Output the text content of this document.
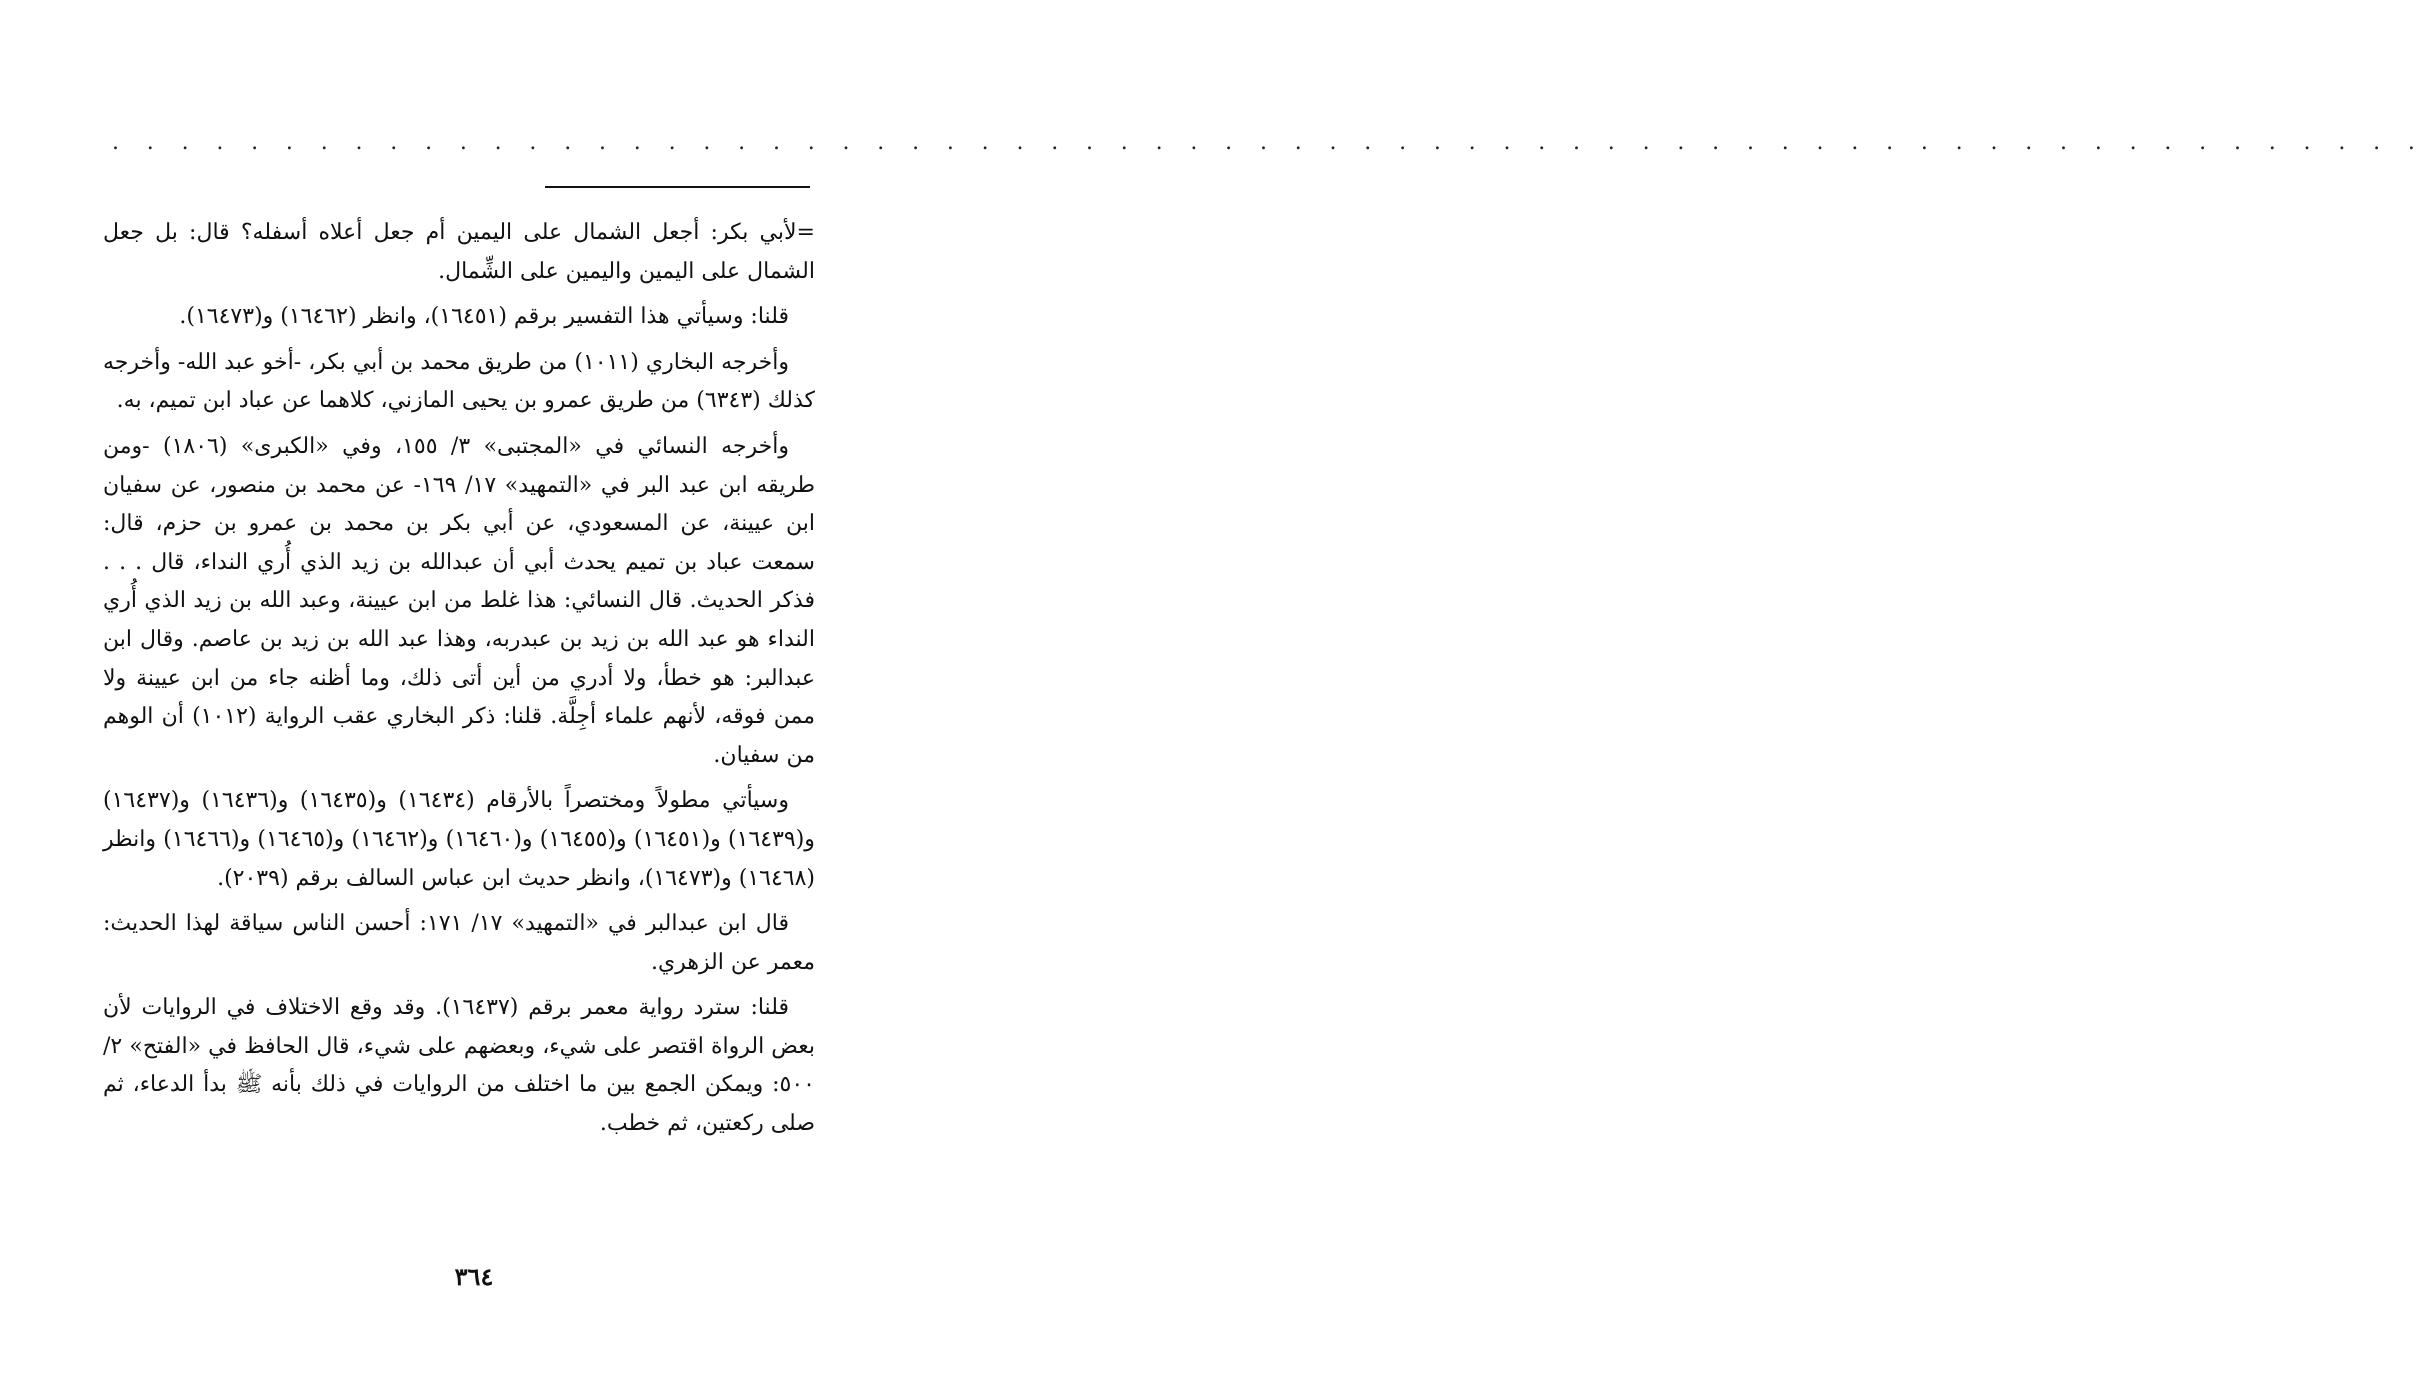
. . . . . . . . . . . . . . . . . . . . . . . . . . . . . . . . . . . . . . . . . . . . . . . . . . . . . . . . . . . . . . . . . . .

=لأبي بكر: أجعل الشمال على اليمين أم جعل أعلاه أسفله؟ قال: بل جعل الشمال على اليمين واليمين على الشِّمال.

قلنا: وسيأتي هذا التفسير برقم (١٦٤٥١)، وانظر (١٦٤٦٢) و(١٦٤٧٣).

وأخرجه البخاري (١٠١١) من طريق محمد بن أبي بكر، -أخو عبد الله- وأخرجه كذلك (٦٣٤٣) من طريق عمرو بن يحيى المازني، كلاهما عن عباد ابن تميم، به.

وأخرجه النسائي في «المجتبى» ٣/ ١٥٥، وفي «الكبرى» (١٨٠٦) -ومن طريقه ابن عبد البر في «التمهيد» ١٧/ ١٦٩- عن محمد بن منصور، عن سفيان ابن عيينة، عن المسعودي، عن أبي بكر بن محمد بن عمرو بن حزم، قال: سمعت عباد بن تميم يحدث أبي أن عبدالله بن زيد الذي أُري النداء، قال . . . فذكر الحديث. قال النسائي: هذا غلط من ابن عيينة، وعبد الله بن زيد الذي أُري النداء هو عبد الله بن زيد بن عبدربه، وهذا عبد الله بن زيد بن عاصم. وقال ابن عبدالبر: هو خطأ، ولا أدري من أين أتى ذلك، وما أظنه جاء من ابن عيينة ولا ممن فوقه، لأنهم علماء أجِلَّة. قلنا: ذكر البخاري عقب الرواية (١٠١٢) أن الوهم من سفيان.

وسيأتي مطولاً ومختصراً بالأرقام (١٦٤٣٤) و(١٦٤٣٥) و(١٦٤٣٦) و(١٦٤٣٧) و(١٦٤٣٩) و(١٦٤٥١) و(١٦٤٥٥) و(١٦٤٦٠) و(١٦٤٦٢) و(١٦٤٦٥) و(١٦٤٦٦) وانظر (١٦٤٦٨) و(١٦٤٧٣)، وانظر حديث ابن عباس السالف برقم (٢٠٣٩).

قال ابن عبدالبر في «التمهيد» ١٧/ ١٧١: أحسن الناس سياقة لهذا الحديث: معمر عن الزهري.

قلنا: سترد رواية معمر برقم (١٦٤٣٧). وقد وقع الاختلاف في الروايات لأن بعض الرواة اقتصر على شيء، وبعضهم على شيء، قال الحافظ في «الفتح» ٢/ ٥٠٠: ويمكن الجمع بين ما اختلف من الروايات في ذلك بأنه ﷺ بدأ الدعاء، ثم صلى ركعتين، ثم خطب.

٣٦٤
